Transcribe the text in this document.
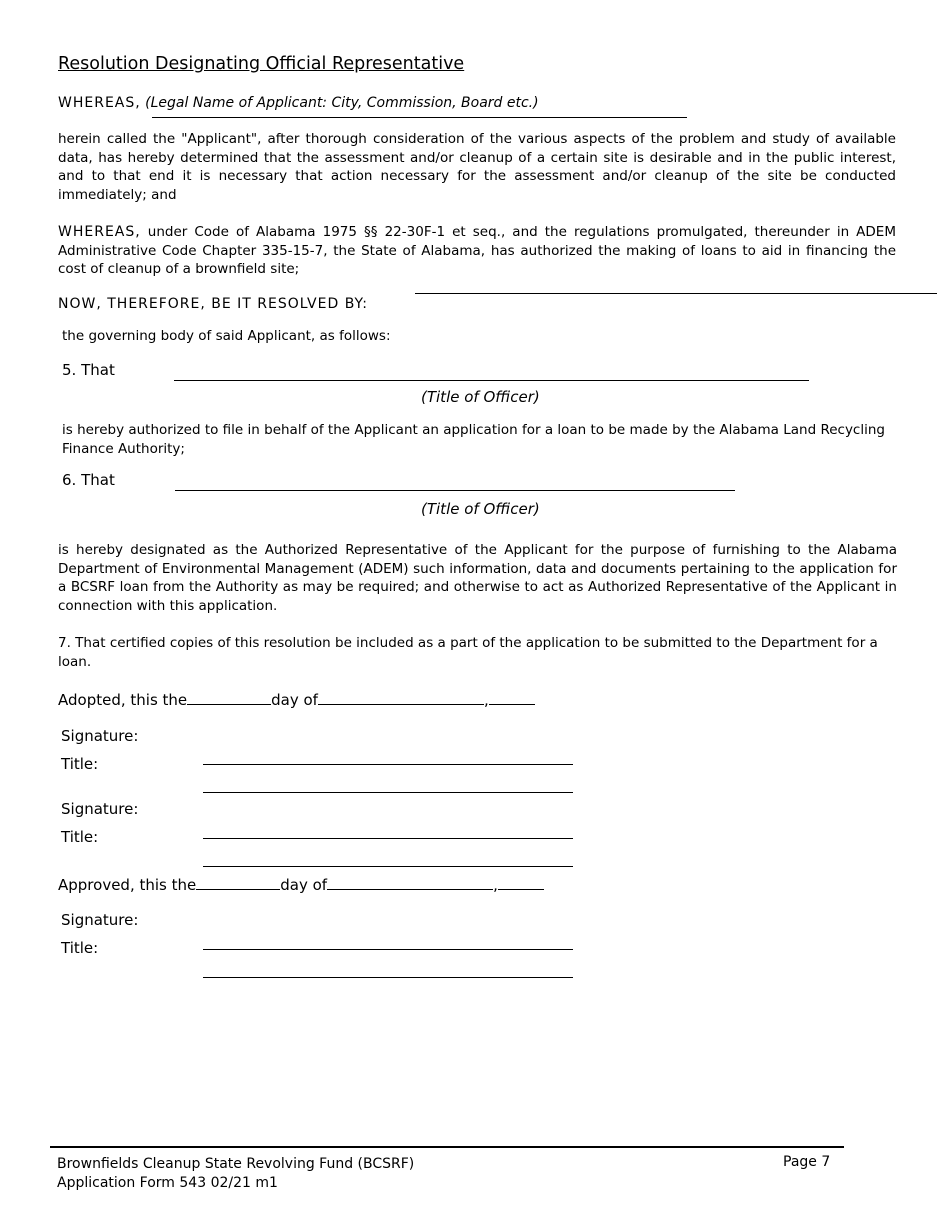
Resolution Designating Official Representative
WHEREAS, (Legal Name of Applicant: City, Commission, Board etc.)
herein called the "Applicant", after thorough consideration of the various aspects of the problem and study of available data, has hereby determined that the assessment and/or cleanup of a certain site is desirable and in the public interest, and to that end it is necessary that action necessary for the assessment and/or cleanup of the site be conducted immediately; and
WHEREAS, under Code of Alabama 1975 §§ 22-30F-1 et seq., and the regulations promulgated, thereunder in ADEM Administrative Code Chapter 335-15-7, the State of Alabama, has authorized the making of loans to aid in financing the cost of cleanup of a brownfield site;
NOW, THEREFORE, BE IT RESOLVED BY:
the governing body of said Applicant, as follows:
5. That
(Title of Officer)
is hereby authorized to file in behalf of the Applicant an application for a loan to be made by the Alabama Land Recycling Finance Authority;
6. That
(Title of Officer)
is hereby designated as the Authorized Representative of the Applicant for the purpose of furnishing to the Alabama Department of Environmental Management (ADEM) such information, data and documents pertaining to the application for a BCSRF loan from the Authority as may be required; and otherwise to act as Authorized Representative of the Applicant in connection with this application.
7. That certified copies of this resolution be included as a part of the application to be submitted to the Department for a loan.
Adopted, this the	day of	,
Signature:
Title:
Signature:
Title:
Approved, this the	day of	,
Signature:
Title:
Brownfields Cleanup State Revolving Fund (BCSRF)
Application Form 543 02/21 m1
Page 7
